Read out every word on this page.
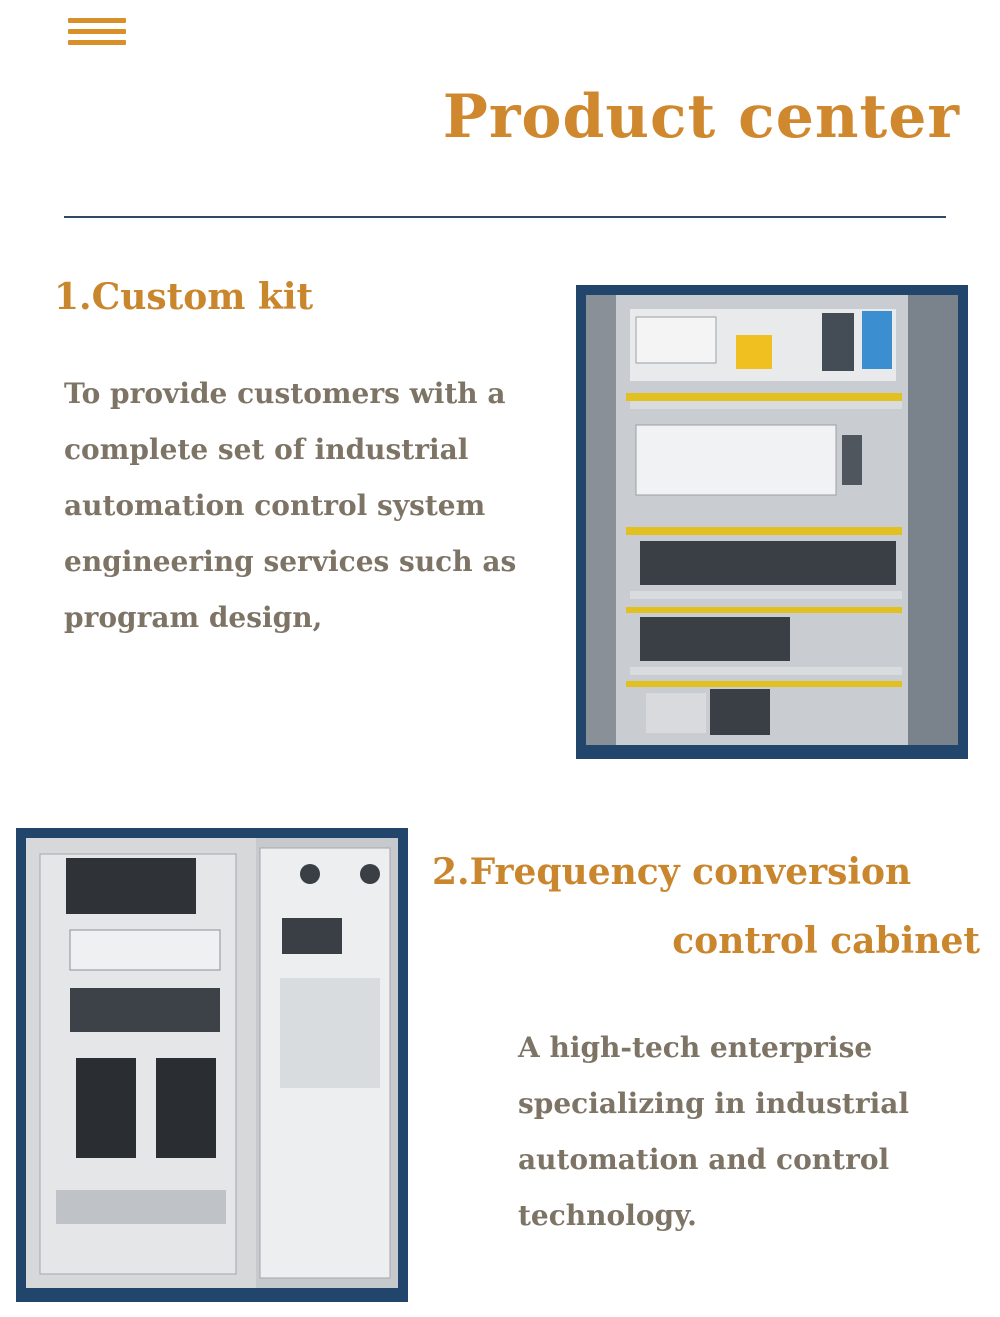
Product center
1.Custom kit

To provide customers with a complete set of industrial automation control system engineering services such as program design,

2.Frequency conversion
control cabinet

A high-tech enterprise specializing in industrial automation and control technology.
